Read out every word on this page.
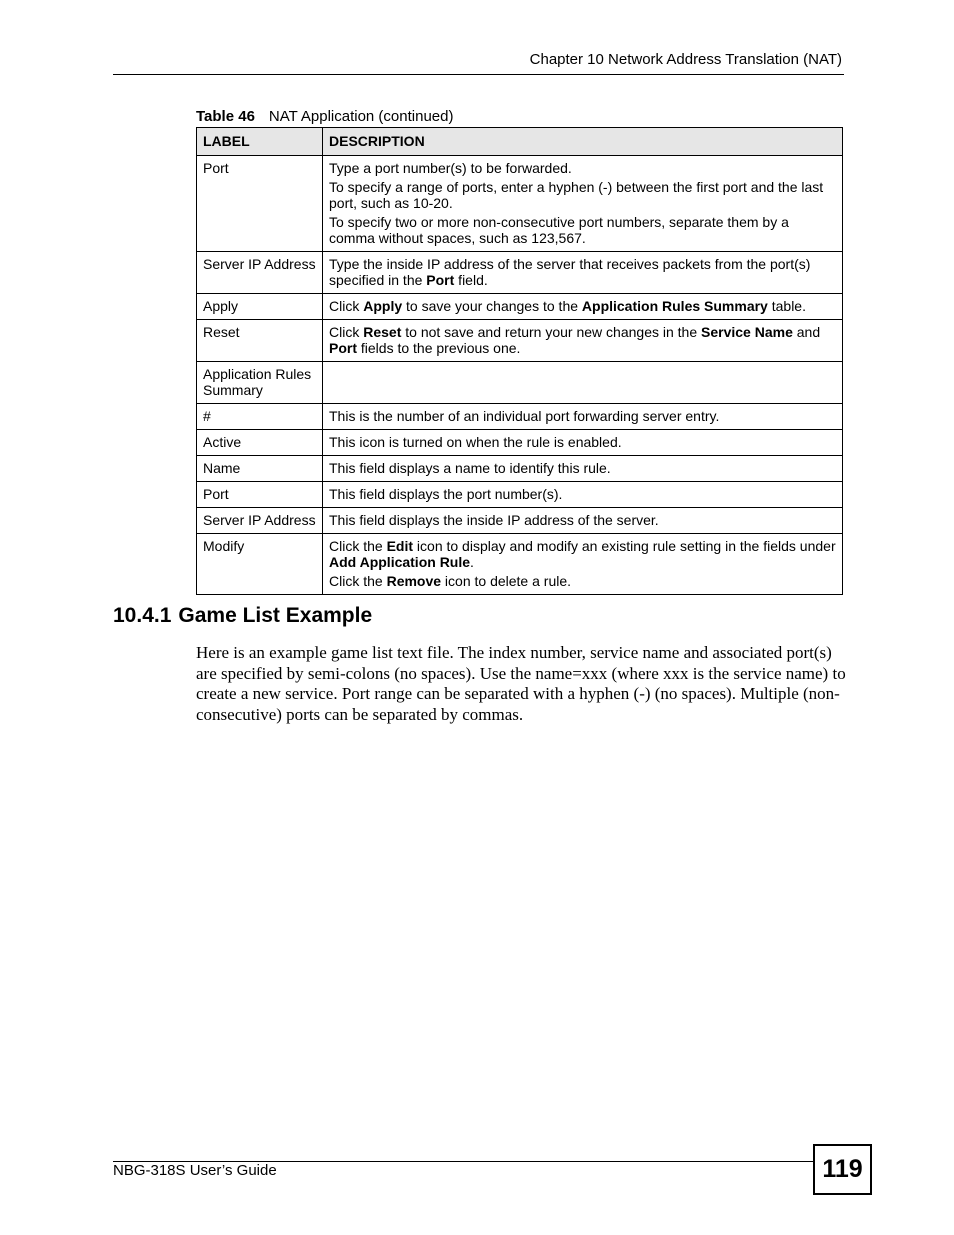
Chapter 10 Network Address Translation (NAT)
Table 46 NAT Application (continued)
LABEL	DESCRIPTION
Port	Type a port number(s) to be forwarded.

To specify a range of ports, enter a hyphen (-) between the first port and the last port, such as 10-20.

To specify two or more non-consecutive port numbers, separate them by a comma without spaces, such as 123,567.

Server IP Address	Type the inside IP address of the server that receives packets from the port(s) specified in the Port field.
Apply	Click Apply to save your changes to the Application Rules Summary table.
Reset	Click Reset to not save and return your new changes in the Service Name and Port fields to the previous one.
Application Rules Summary	
#	This is the number of an individual port forwarding server entry.
Active	This icon is turned on when the rule is enabled.
Name	This field displays a name to identify this rule.
Port	This field displays the port number(s).
Server IP Address	This field displays the inside IP address of the server.
Modify	Click the Edit icon to display and modify an existing rule setting in the fields under Add Application Rule.

Click the Remove icon to delete a rule.

10.4.1 Game List Example

Here is an example game list text file. The index number, service name and associated port(s) are specified by semi-colons (no spaces). Use the name=xxx (where xxx is the service name) to create a new service. Port range can be separated with a hyphen (-) (no spaces). Multiple (non-consecutive) ports can be separated by commas.

NBG-318S User’s Guide	119
